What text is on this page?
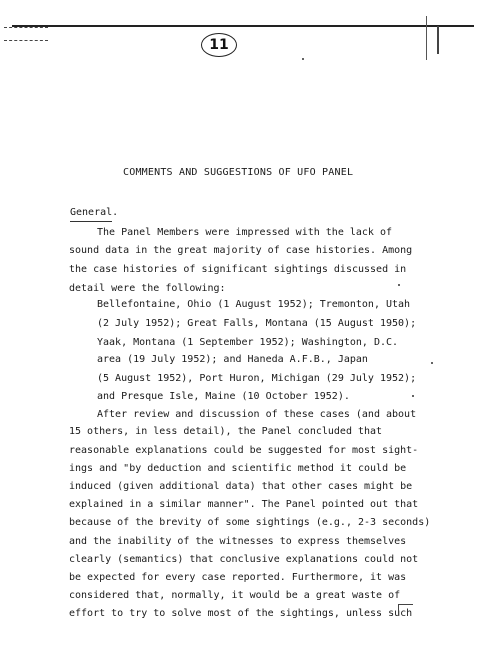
11
COMMENTS AND SUGGESTIONS OF UFO PANEL
General.
The Panel Members were impressed with the lack of
sound data in the great majority of case histories. Among
the case histories of significant sightings discussed in
detail were the following:
Bellefontaine, Ohio (1 August 1952); Tremonton, Utah
(2 July 1952); Great Falls, Montana (15 August 1950);
Yaak, Montana (1 September 1952); Washington, D.C.
area (19 July 1952); and Haneda A.F.B., Japan
(5 August 1952), Port Huron, Michigan (29 July 1952);
and Presque Isle, Maine (10 October 1952).
After review and discussion of these cases (and about
15 others, in less detail), the Panel concluded that
reasonable explanations could be suggested for most sight-
ings and "by deduction and scientific method it could be
induced (given additional data) that other cases might be
explained in a similar manner". The Panel pointed out that
because of the brevity of some sightings (e.g., 2-3 seconds)
and the inability of the witnesses to express themselves
clearly (semantics) that conclusive explanations could not
be expected for every case reported. Furthermore, it was
considered that, normally, it would be a great waste of
effort to try to solve most of the sightings, unless such
